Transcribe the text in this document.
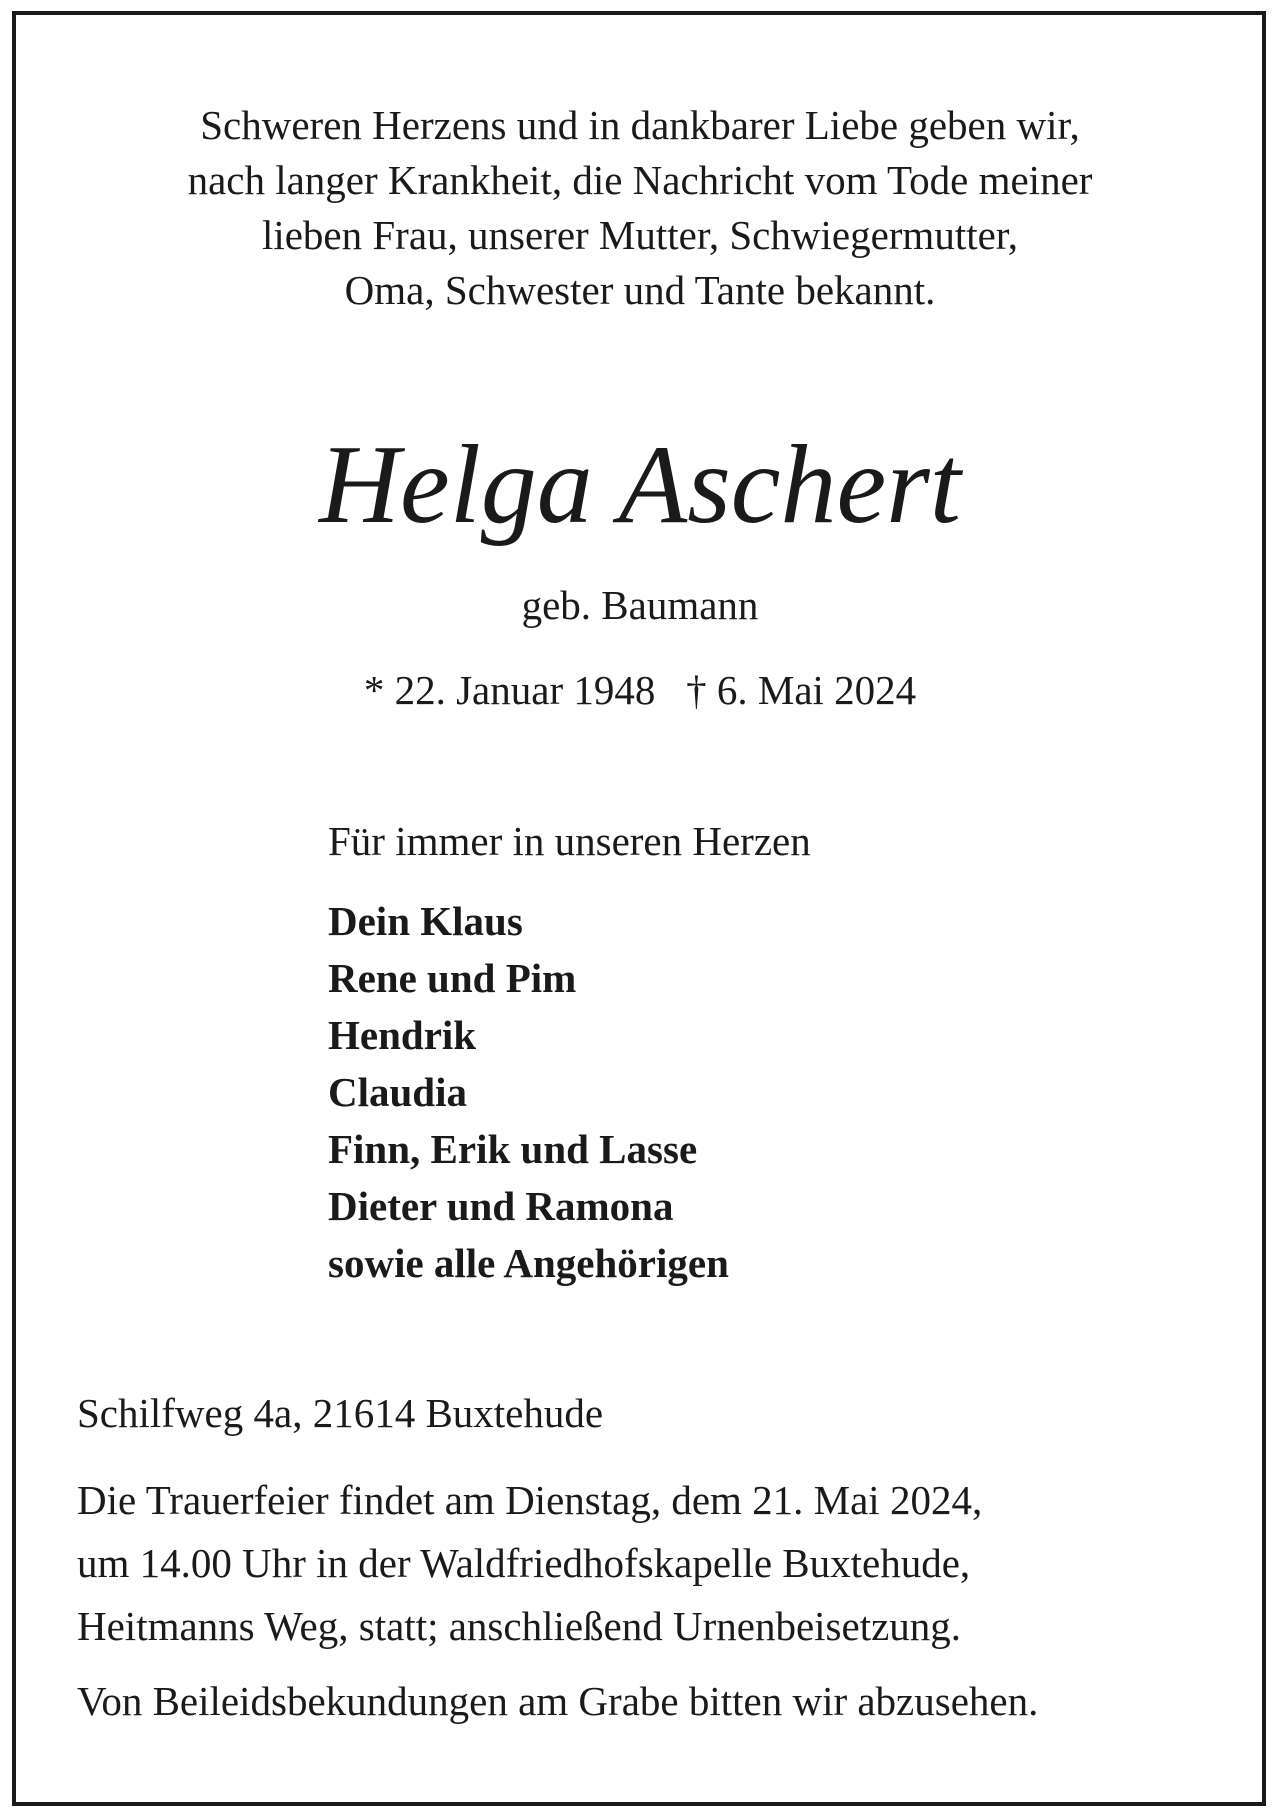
Schweren Herzens und in dankbarer Liebe geben wir,
nach langer Krankheit, die Nachricht vom Tode meiner
lieben Frau, unserer Mutter, Schwiegermutter,
Oma, Schwester und Tante bekannt.
Helga Aschert
geb. Baumann
* 22. Januar 1948 † 6. Mai 2024
Für immer in unseren Herzen
Dein Klaus
Rene und Pim
Hendrik
Claudia
Finn, Erik und Lasse
Dieter und Ramona
sowie alle Angehörigen
Schilfweg 4a, 21614 Buxtehude
Die Trauerfeier findet am Dienstag, dem 21. Mai 2024,
um 14.00 Uhr in der Waldfriedhofskapelle Buxtehude,
Heitmanns Weg, statt; anschließend Urnenbeisetzung.
Von Beileidsbekundungen am Grabe bitten wir abzusehen.
